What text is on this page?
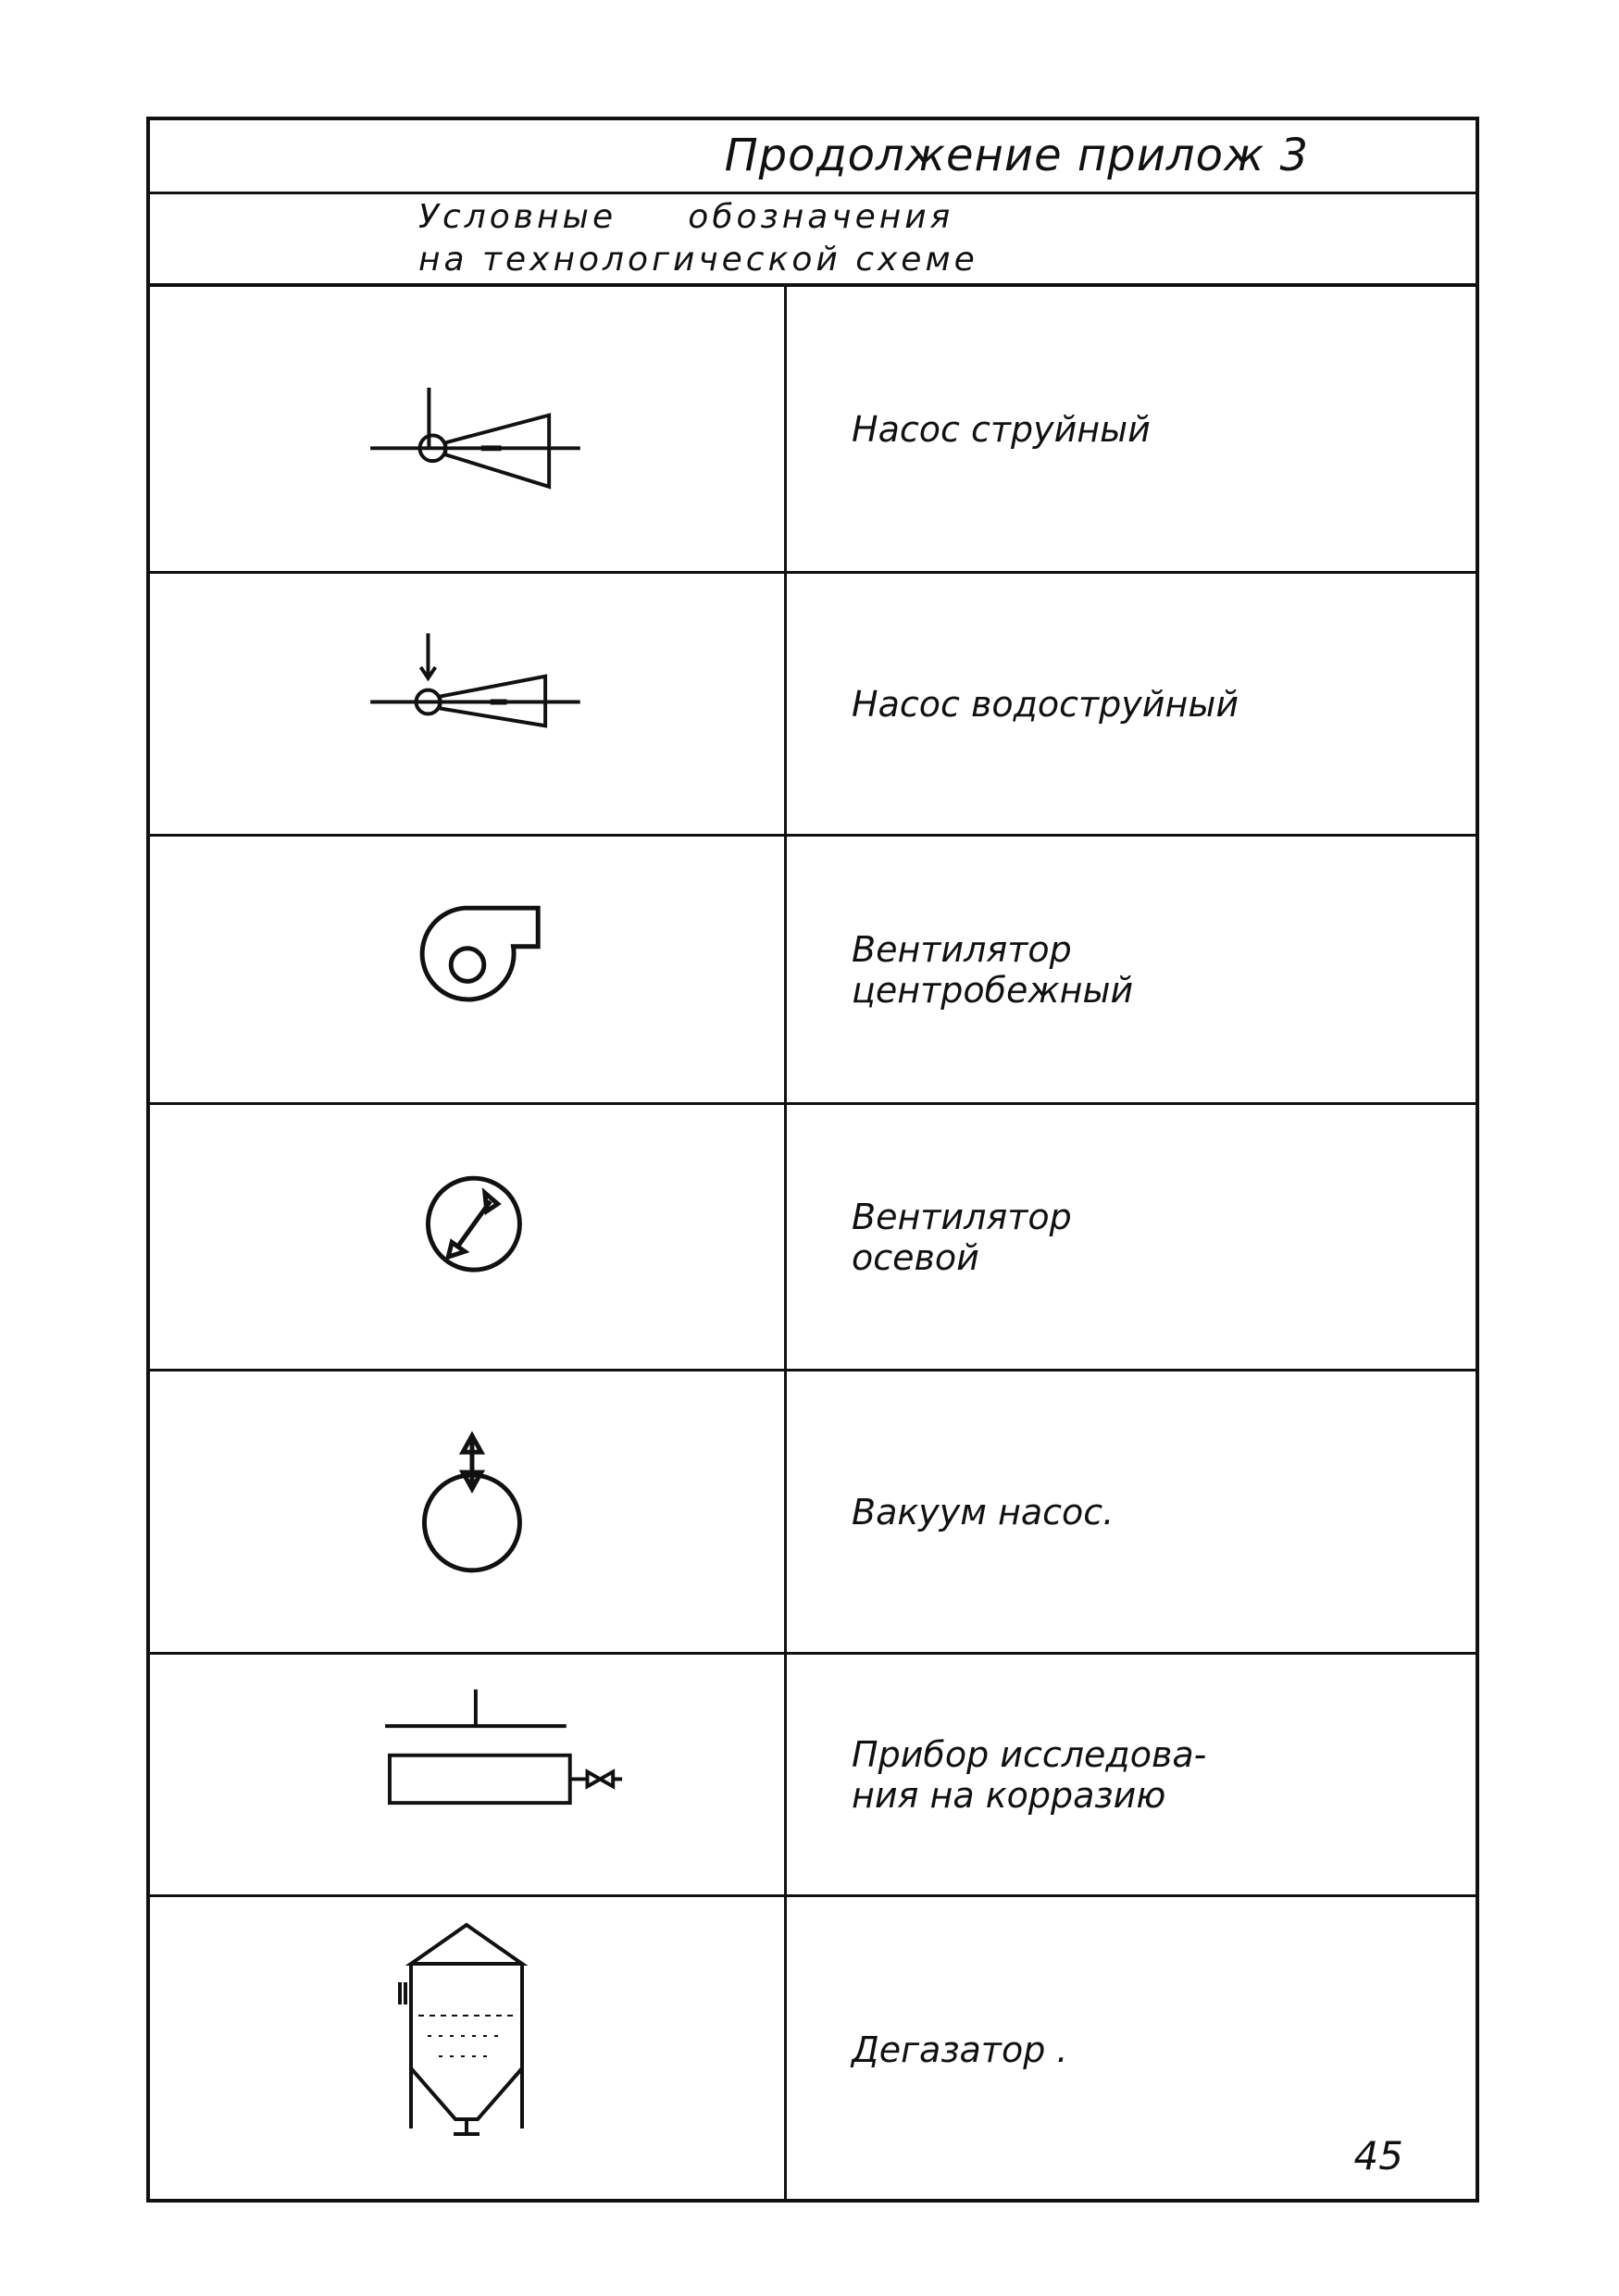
Продолжение прилож 3
Условные     обозначения
на технологической схеме
Насос струйный
Насос водоструйный
Вентилятор
центробежный
Вентилятор
осевой
Вакуум насос.
Прибор исследова-
ния на корразию
Дегазатор .
45
